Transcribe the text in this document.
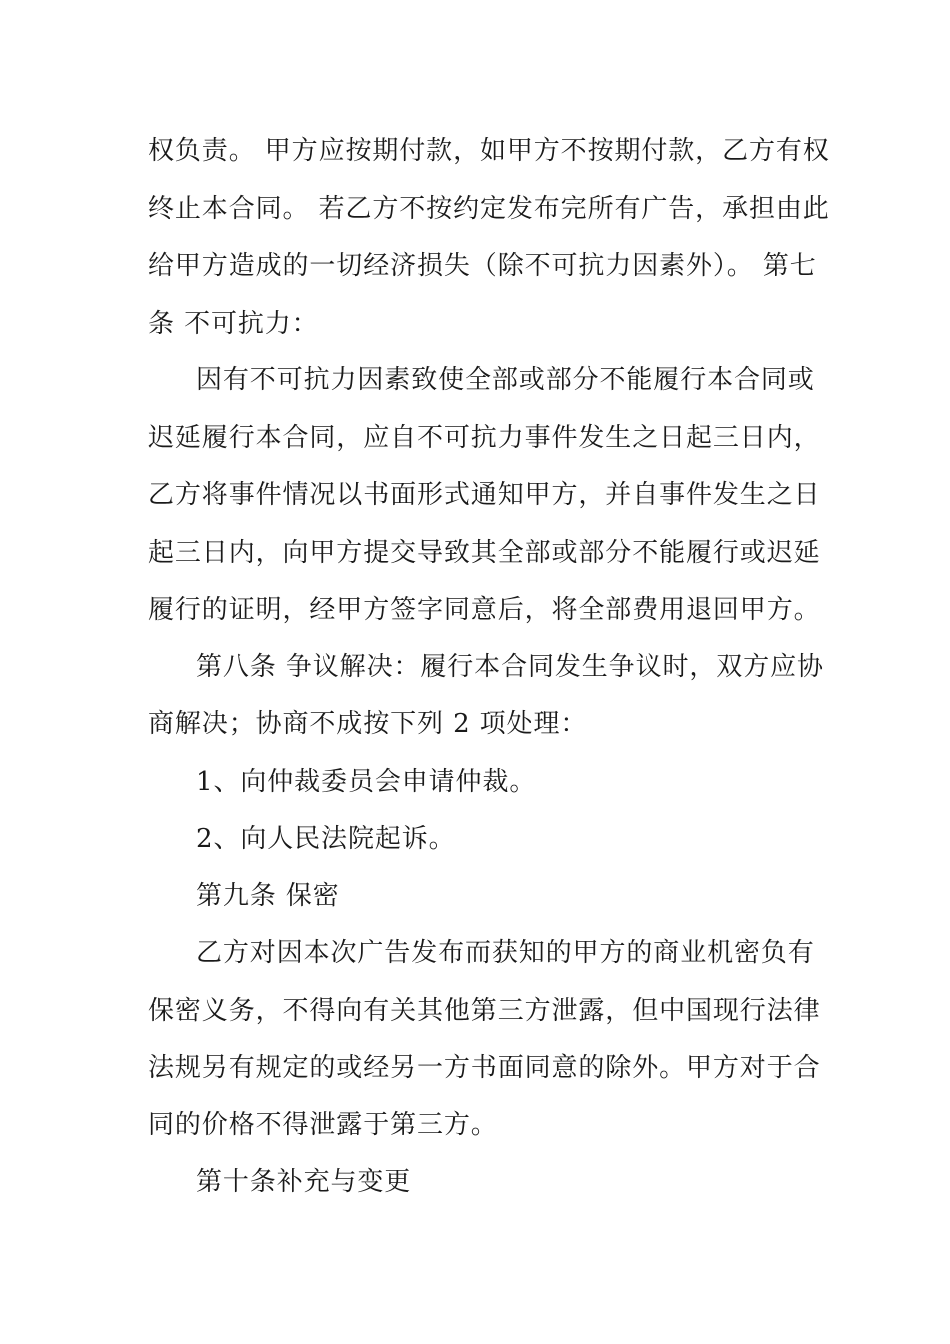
权负责。 甲方应按期付款，如甲方不按期付款，乙方有权
终止本合同。 若乙方不按约定发布完所有广告，承担由此
给甲方造成的一切经济损失（除不可抗力因素外）。 第七
条 不可抗力：
因有不可抗力因素致使全部或部分不能履行本合同或
迟延履行本合同，应自不可抗力事件发生之日起三日内，
乙方将事件情况以书面形式通知甲方，并自事件发生之日
起三日内，向甲方提交导致其全部或部分不能履行或迟延
履行的证明，经甲方签字同意后，将全部费用退回甲方。
第八条 争议解决：履行本合同发生争议时，双方应协
商解决；协商不成按下列 2 项处理：
1、向仲裁委员会申请仲裁。
2、向人民法院起诉。
第九条 保密
乙方对因本次广告发布而获知的甲方的商业机密负有
保密义务，不得向有关其他第三方泄露，但中国现行法律
法规另有规定的或经另一方书面同意的除外。甲方对于合
同的价格不得泄露于第三方。
第十条补充与变更
